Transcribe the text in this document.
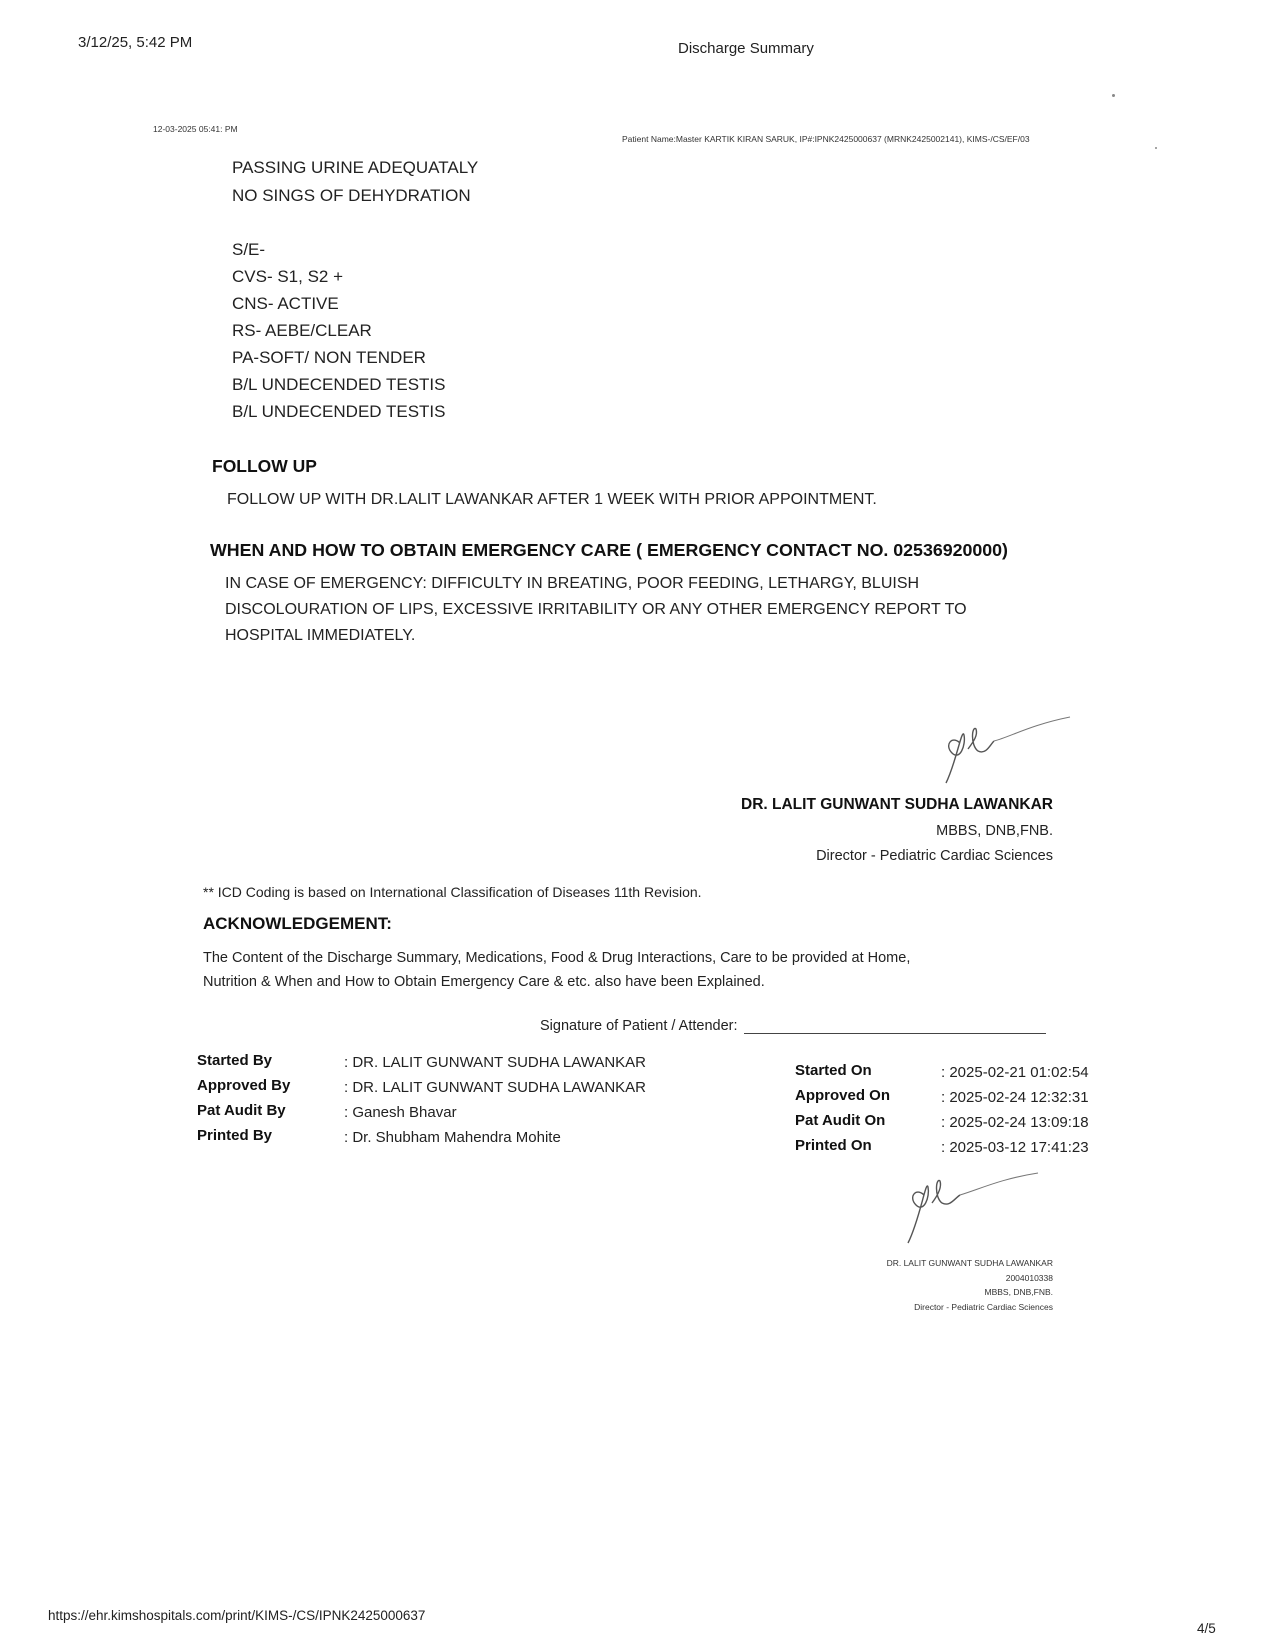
3/12/25, 5:42 PM	Discharge Summary
12-03-2025 05:41: PM
Patient Name:Master KARTIK KIRAN SARUK, IP#:IPNK2425000637 (MRNK2425002141), KIMS-/CS/EF/03
PASSING URINE ADEQUATALY
NO SINGS OF DEHYDRATION
S/E-
CVS- S1, S2 +
CNS- ACTIVE
RS- AEBE/CLEAR
PA-SOFT/ NON TENDER
B/L UNDECENDED TESTIS
B/L UNDECENDED TESTIS
FOLLOW UP
FOLLOW UP WITH DR.LALIT LAWANKAR AFTER 1 WEEK WITH PRIOR APPOINTMENT.
WHEN AND HOW TO OBTAIN EMERGENCY CARE ( EMERGENCY CONTACT NO. 02536920000)
IN CASE OF EMERGENCY: DIFFICULTY IN BREATING, POOR FEEDING, LETHARGY, BLUISH
DISCOLOURATION OF LIPS, EXCESSIVE IRRITABILITY OR ANY OTHER EMERGENCY REPORT TO
HOSPITAL IMMEDIATELY.
DR. LALIT GUNWANT SUDHA LAWANKAR
MBBS, DNB,FNB.
Director - Pediatric Cardiac Sciences
** ICD Coding is based on International Classification of Diseases 11th Revision.
ACKNOWLEDGEMENT:
The Content of the Discharge Summary, Medications, Food & Drug Interactions, Care to be provided at Home,
Nutrition & When and How to Obtain Emergency Care & etc. also have been Explained.
Signature of Patient / Attender:
Started By	: DR. LALIT GUNWANT SUDHA LAWANKAR
Approved By	: DR. LALIT GUNWANT SUDHA LAWANKAR
Pat Audit By	: Ganesh Bhavar
Printed By	: Dr. Shubham Mahendra Mohite
Started On	: 2025-02-21 01:02:54
Approved On	: 2025-02-24 12:32:31
Pat Audit On	: 2025-02-24 13:09:18
Printed On	: 2025-03-12 17:41:23
DR. LALIT GUNWANT SUDHA LAWANKAR
2004010338
MBBS, DNB,FNB.
Director - Pediatric Cardiac Sciences
https://ehr.kimshospitals.com/print/KIMS-/CS/IPNK2425000637
4/5
